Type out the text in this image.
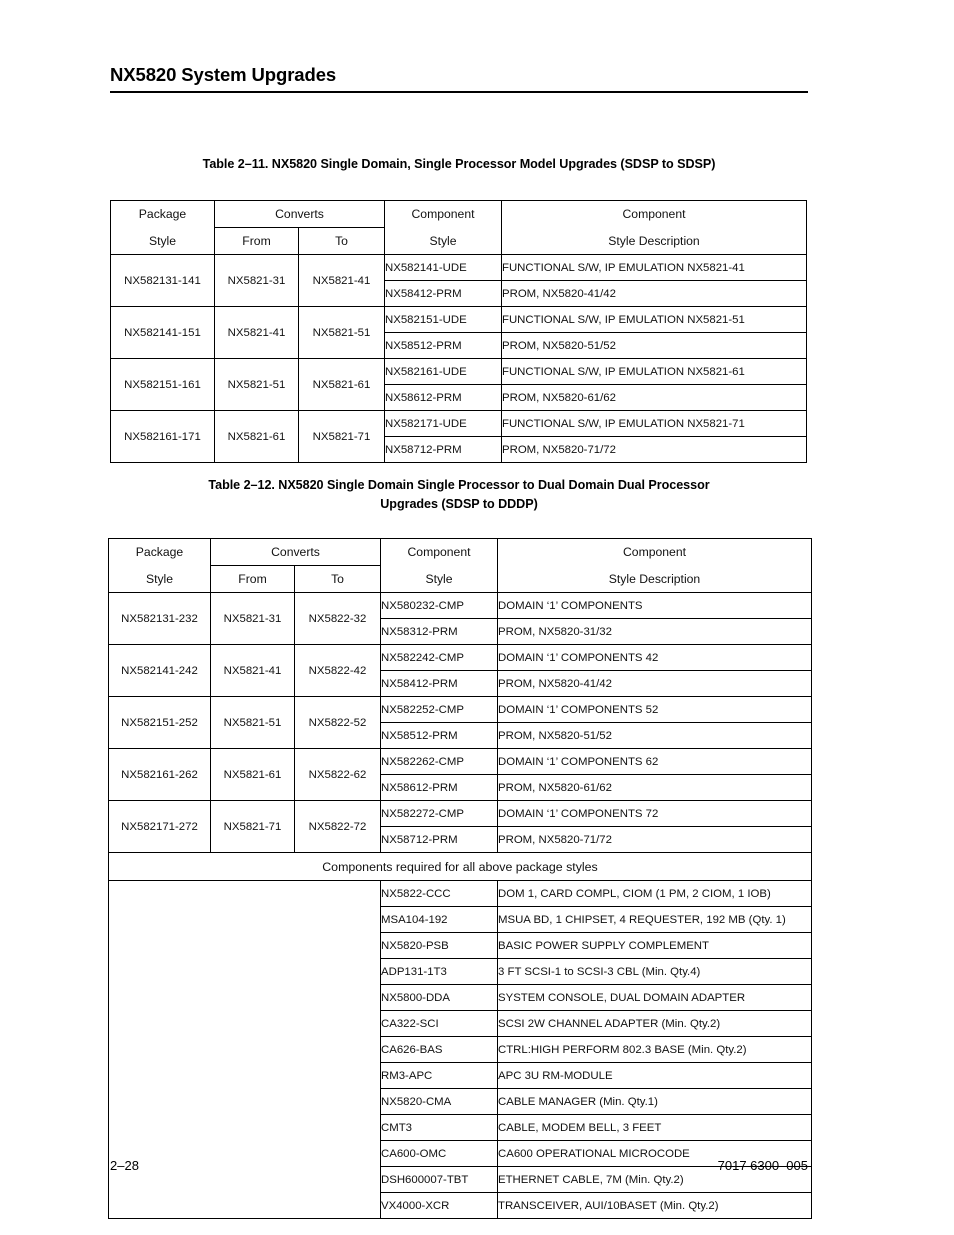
NX5820 System Upgrades
Table 2–11. NX5820 Single Domain, Single Processor Model Upgrades (SDSP to SDSP)
Package	Converts		Component	Component
Style	From	To	Style	Style Description
NX582131-141	NX5821-31	NX5821-41	NX582141-UDE	FUNCTIONAL S/W, IP EMULATION NX5821-41
			NX58412-PRM	PROM, NX5820-41/42
NX582141-151	NX5821-41	NX5821-51	NX582151-UDE	FUNCTIONAL S/W, IP EMULATION NX5821-51
			NX58512-PRM	PROM, NX5820-51/52
NX582151-161	NX5821-51	NX5821-61	NX582161-UDE	FUNCTIONAL S/W, IP EMULATION NX5821-61
			NX58612-PRM	PROM, NX5820-61/62
NX582161-171	NX5821-61	NX5821-71	NX582171-UDE	FUNCTIONAL S/W, IP EMULATION NX5821-71
			NX58712-PRM	PROM, NX5820-71/72
Table 2–12. NX5820 Single Domain Single Processor to Dual Domain Dual Processor
Upgrades (SDSP to DDDP)
Package	Converts		Component	Component
Style	From	To	Style	Style Description
NX582131-232	NX5821-31	NX5822-32	NX580232-CMP	DOMAIN ‘1’ COMPONENTS
			NX58312-PRM	PROM, NX5820-31/32
NX582141-242	NX5821-41	NX5822-42	NX582242-CMP	DOMAIN ‘1’ COMPONENTS 42
			NX58412-PRM	PROM, NX5820-41/42
NX582151-252	NX5821-51	NX5822-52	NX582252-CMP	DOMAIN ‘1’ COMPONENTS 52
			NX58512-PRM	PROM, NX5820-51/52
NX582161-262	NX5821-61	NX5822-62	NX582262-CMP	DOMAIN ‘1’ COMPONENTS 62
			NX58612-PRM	PROM, NX5820-61/62
NX582171-272	NX5821-71	NX5822-72	NX582272-CMP	DOMAIN ‘1’ COMPONENTS 72
			NX58712-PRM	PROM, NX5820-71/72
Components required for all above package styles				
			NX5822-CCC	DOM 1, CARD COMPL, CIOM (1 PM, 2 CIOM, 1 IOB)
			MSA104-192	MSUA BD, 1 CHIPSET, 4 REQUESTER, 192 MB (Qty. 1)
			NX5820-PSB	BASIC POWER SUPPLY COMPLEMENT
			ADP131-1T3	3 FT SCSI-1 to SCSI-3 CBL (Min. Qty.4)
			NX5800-DDA	SYSTEM CONSOLE, DUAL DOMAIN ADAPTER
			CA322-SCI	SCSI 2W CHANNEL ADAPTER (Min. Qty.2)
			CA626-BAS	CTRL:HIGH PERFORM 802.3 BASE (Min. Qty.2)
			RM3-APC	APC 3U RM-MODULE
			NX5820-CMA	CABLE MANAGER (Min. Qty.1)
			CMT3	CABLE, MODEM BELL, 3 FEET
			CA600-OMC	CA600 OPERATIONAL MICROCODE
			DSH600007-TBT	ETHERNET CABLE, 7M (Min. Qty.2)
			VX4000-XCR	TRANSCEIVER, AUI/10BASET (Min. Qty.2)
2–28	7017 6300–005
